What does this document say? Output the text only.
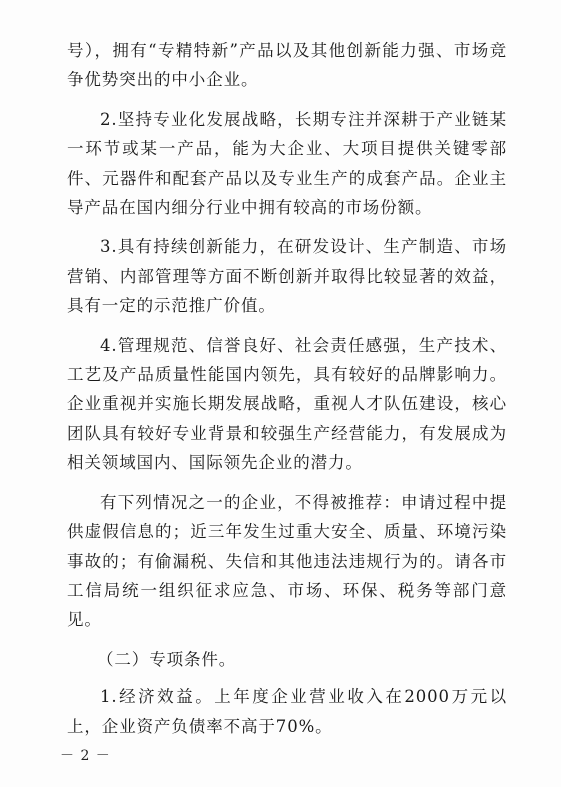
号），拥有“专精特新”产品以及其他创新能力强、市场竞争优势突出的中小企业。

2.坚持专业化发展战略，长期专注并深耕于产业链某一环节或某一产品，能为大企业、大项目提供关键零部件、元器件和配套产品以及专业生产的成套产品。企业主导产品在国内细分行业中拥有较高的市场份额。

3.具有持续创新能力，在研发设计、生产制造、市场营销、内部管理等方面不断创新并取得比较显著的效益，具有一定的示范推广价值。

4.管理规范、信誉良好、社会责任感强，生产技术、工艺及产品质量性能国内领先，具有较好的品牌影响力。企业重视并实施长期发展战略，重视人才队伍建设，核心团队具有较好专业背景和较强生产经营能力，有发展成为相关领域国内、国际领先企业的潜力。

有下列情况之一的企业，不得被推荐：申请过程中提供虚假信息的；近三年发生过重大安全、质量、环境污染事故的；有偷漏税、失信和其他违法违规行为的。请各市工信局统一组织征求应急、市场、环保、税务等部门意见。

（二）专项条件。

1.经济效益。上年度企业营业收入在2000万元以上，企业资产负债率不高于70%。

－ 2 －
